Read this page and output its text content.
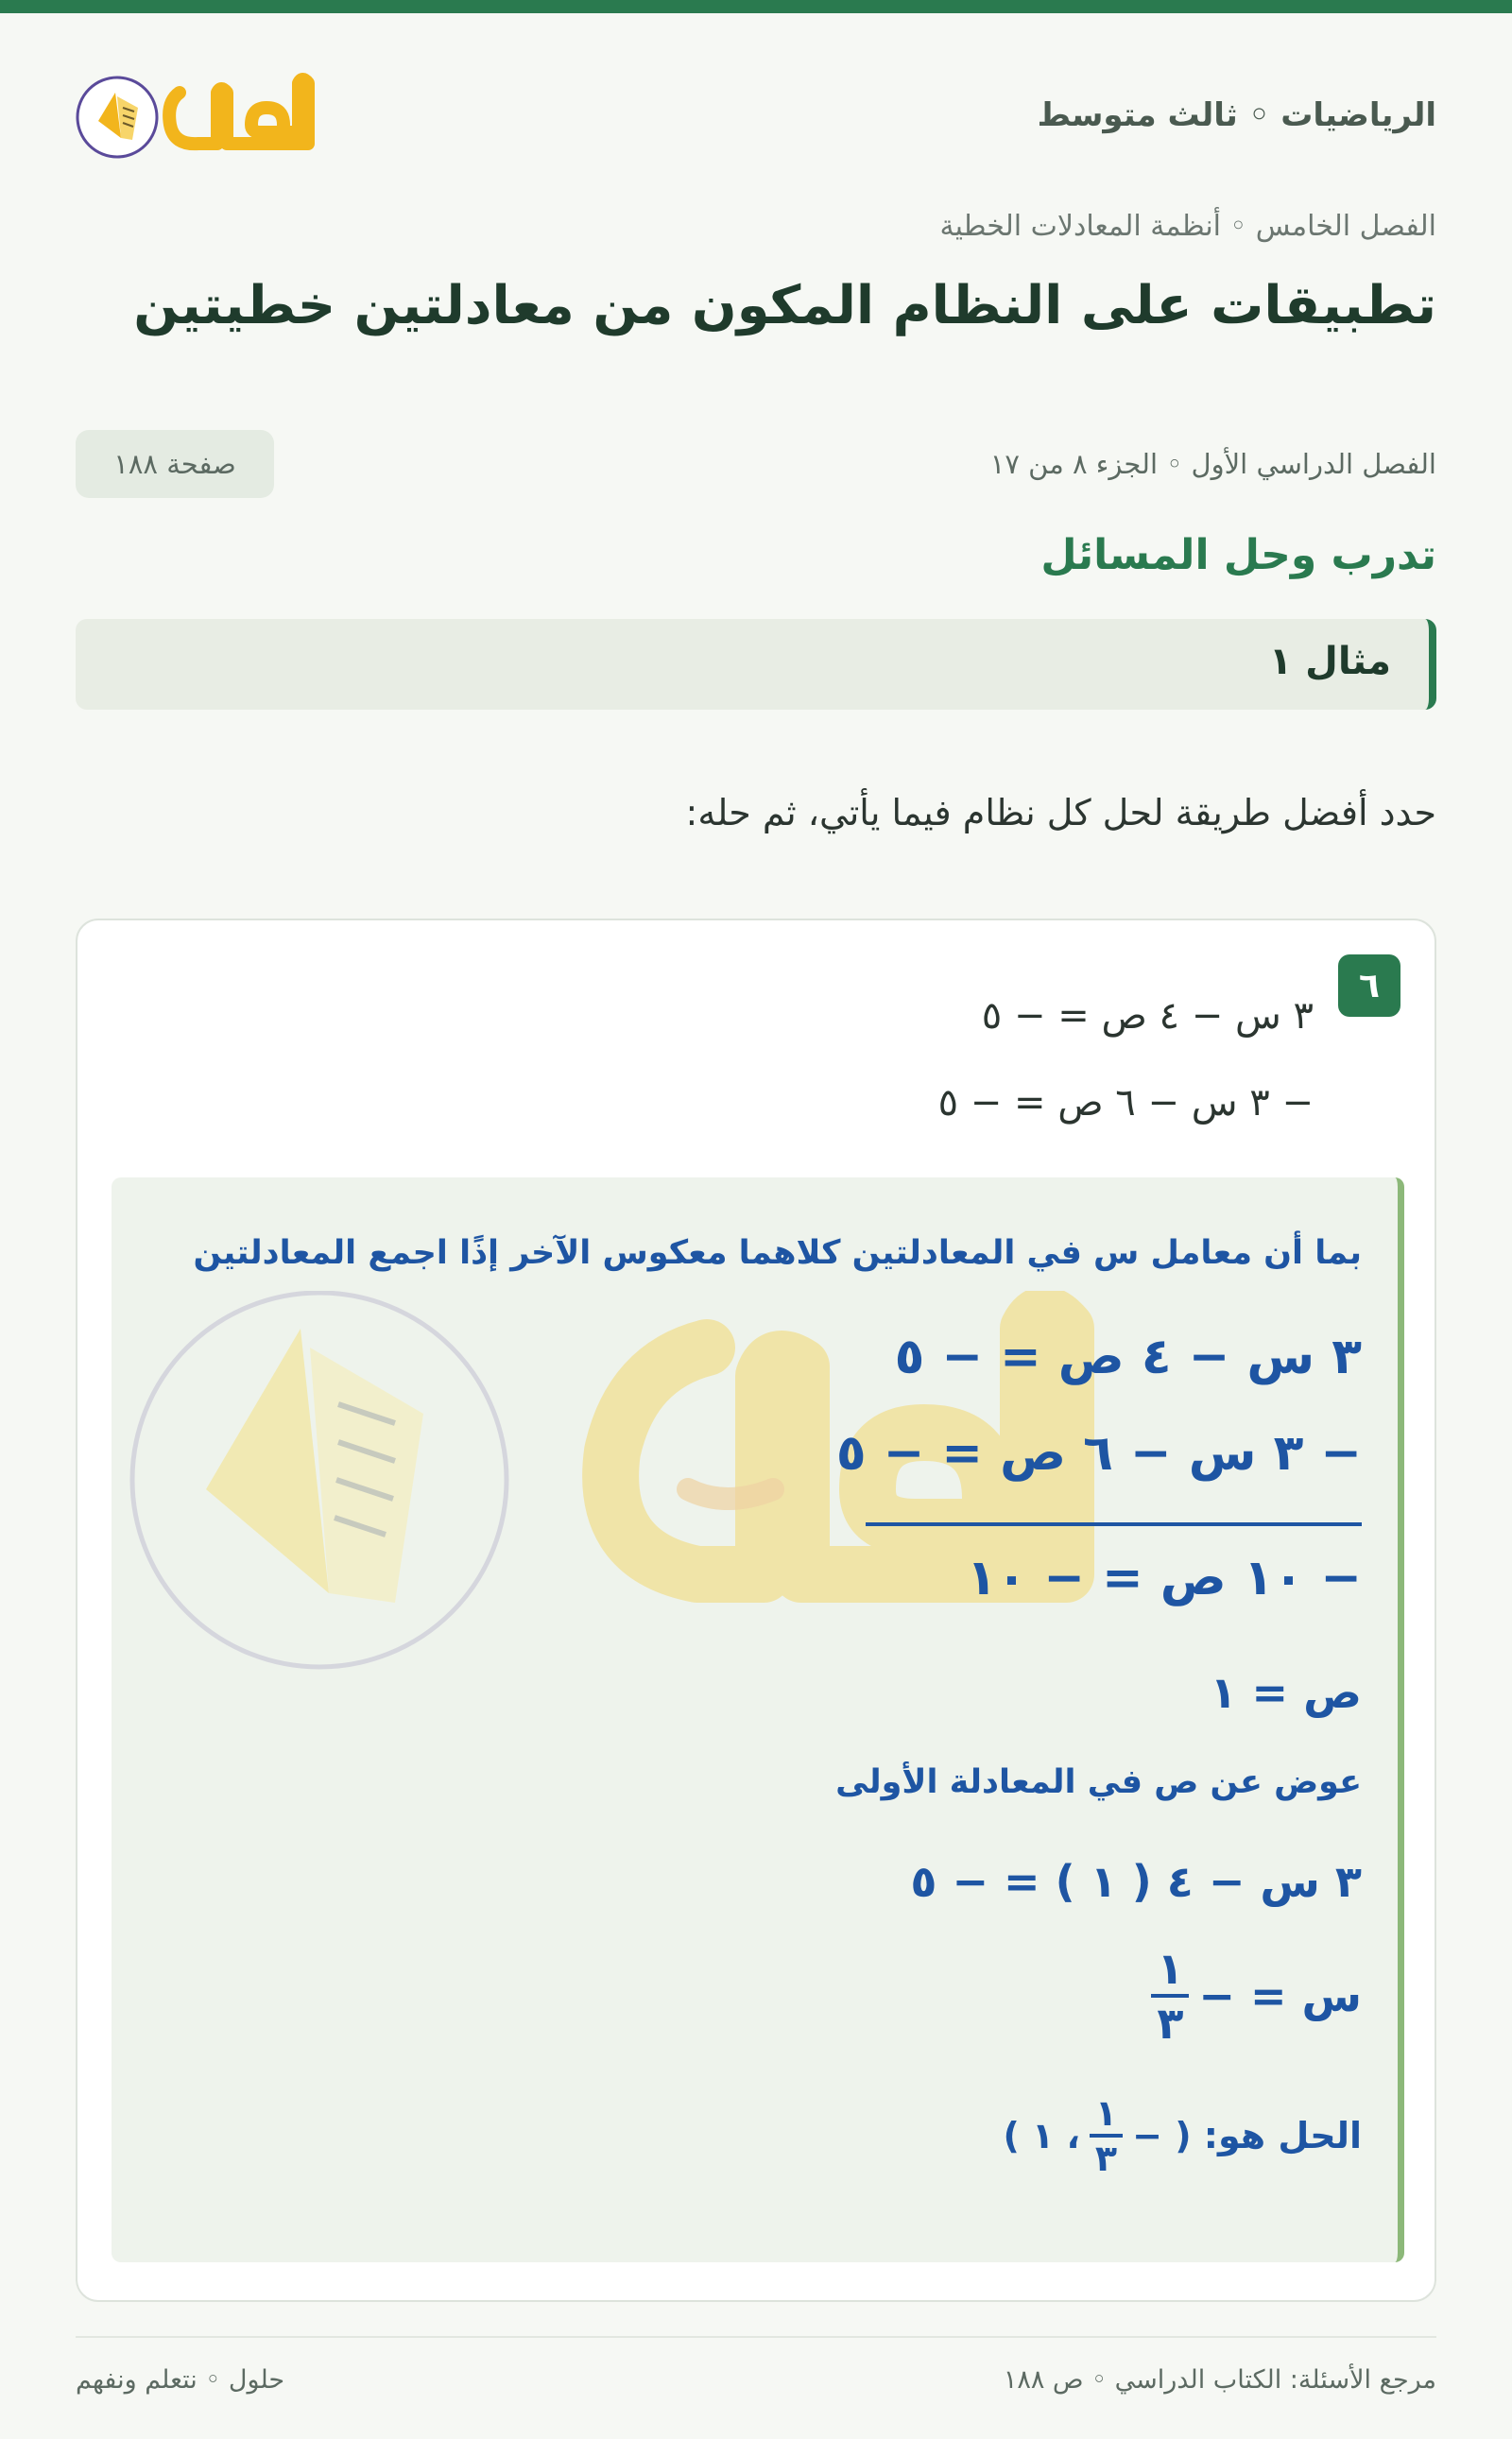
الرياضيات ◦ ثالث متوسط
الفصل الخامس ◦ أنظمة المعادلات الخطية
تطبيقات على النظام المكون من معادلتين خطيتين
الفصل الدراسي الأول ◦ الجزء ٨ من ١٧
صفحة ١٨٨
تدرب وحل المسائل
مثال ١
حدد أفضل طريقة لحل كل نظام فيما يأتي، ثم حله:
٦
٣ س − ٤ ص = − ٥
− ٣ س − ٦ ص = − ٥
بما أن معامل س في المعادلتين كلاهما معكوس الآخر إذًا اجمع المعادلتين
٣ س − ٤ ص = − ٥
− ٣ س − ٦ ص = − ٥
− ١٠ ص = − ١٠
ص = ١
عوض عن ص في المعادلة الأولى
٣ س − ٤ ( ١ ) = − ٥
س = −
$\frac{١}{٣}$
الحل هو: ( −
$\frac{١}{٣}$
، ١ )
مرجع الأسئلة: الكتاب الدراسي ◦ ص ١٨٨
حلول ◦ نتعلم ونفهم
